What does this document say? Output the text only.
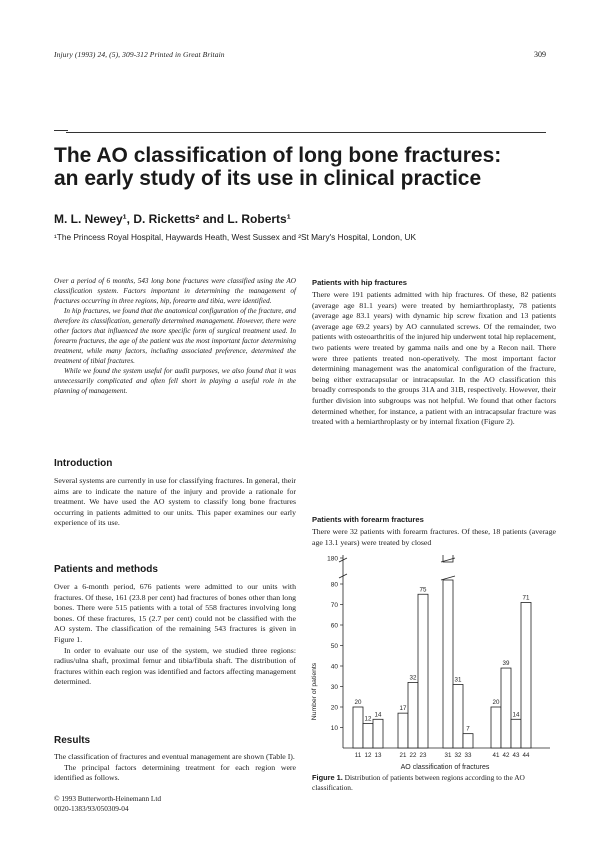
Injury (1993) 24, (5), 309-312 Printed in Great Britain	309
The AO classification of long bone fractures:
an early study of its use in clinical practice
M. L. Newey¹, D. Ricketts² and L. Roberts¹
¹The Princess Royal Hospital, Haywards Heath, West Sussex and ²St Mary's Hospital, London, UK

Over a period of 6 months, 543 long bone fractures were classified using the AO classification system. Factors important in determining the management of fractures occurring in three regions, hip, forearm and tibia, were identified.

In hip fractures, we found that the anatomical configuration of the fracture, and therefore its classification, generally determined management. However, there were other factors that influenced the more specific form of surgical treatment used. In forearm fractures, the age of the patient was the most important factor determining treatment, while many factors, including associated preference, determined the treatment of tibial fractures.

While we found the system useful for audit purposes, we also found that it was unnecessarily complicated and often fell short in playing a useful role in the planning of management.

Introduction

Several systems are currently in use for classifying fractures. In general, their aims are to indicate the nature of the injury and provide a rationale for treatment. We have used the AO system to classify long bone fractures occurring in patients admitted to our units. This paper examines our early experience of its use.

Patients and methods

Over a 6-month period, 676 patients were admitted to our units with fractures. Of these, 161 (23.8 per cent) had fractures of bones other than long bones. There were 515 patients with a total of 558 fractures involving long bones. Of these fractures, 15 (2.7 per cent) could not be classified with the AO system. The classification of the remaining 543 fractures is given in Figure 1.

In order to evaluate our use of the system, we studied three regions: radius/ulna shaft, proximal femur and tibia/fibula shaft. The distribution of fractures within each region was identified and factors affecting management determined.

Results

The classification of fractures and eventual management are shown (Table I).

The principal factors determining treatment for each region were identified as follows.

© 1993 Butterworth-Heinemann Ltd
0020-1383/93/050309-04
Patients with hip fractures

There were 191 patients admitted with hip fractures. Of these, 82 patients (average age 81.1 years) were treated by hemiarthroplasty, 78 patients (average age 83.1 years) with dynamic hip screw fixation and 13 patients (average age 69.2 years) by AO cannulated screws. Of the remainder, two patients with osteoarthritis of the injured hip underwent total hip replacement, two patients were treated by gamma nails and one by a Recon nail. There were three patients treated non-operatively. The most important factor determining management was the anatomical configuration of the fracture, being either extracapsular or intracapsular. In the AO classification this broadly corresponds to the groups 31A and 31B, respectively. However, their further division into subgroups was not helpful. We found that other factors determined whether, for instance, a patient with an intracapsular fracture was treated with a hemiarthroplasty or by internal fixation (Figure 2).

Patients with forearm fractures

There were 32 patients with forearm fractures. Of these, 18 patients (average age 13.1 years) were treated by closed

10
20
30
40
50
60
70
80
180
Number of patients	20
11
12
12
14
13
17
21
32
22
75
23	31
31
32
7
33
20
41
39
42
14
43
71
44
AO classification of fractures
Figure 1. Distribution of patients between regions according to the AO classification.
